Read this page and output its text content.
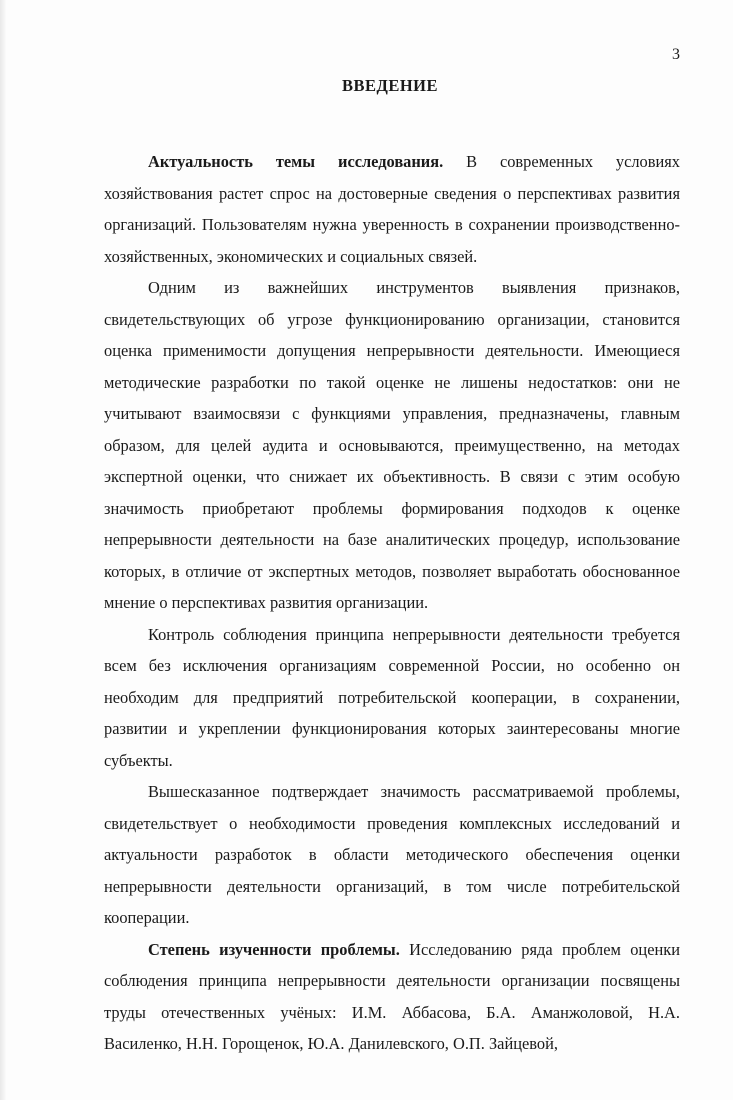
3
ВВЕДЕНИЕ

Актуальность темы исследования. В современных условиях хозяйствования растет спрос на достоверные сведения о перспективах развития организаций. Пользователям нужна уверенность в сохранении производственно-хозяйственных, экономических и социальных связей.

Одним из важнейших инструментов выявления признаков, свидетельствующих об угрозе функционированию организации, становится оценка применимости допущения непрерывности деятельности. Имеющиеся методические разработки по такой оценке не лишены недостатков: они не учитывают взаимосвязи с функциями управления, предназначены, главным образом, для целей аудита и основываются, преимущественно, на методах экспертной оценки, что снижает их объективность. В связи с этим особую значимость приобретают проблемы формирования подходов к оценке непрерывности деятельности на базе аналитических процедур, использование которых, в отличие от экспертных методов, позволяет выработать обоснованное мнение о перспективах развития организации.

Контроль соблюдения принципа непрерывности деятельности требуется всем без исключения организациям современной России, но особенно он необходим для предприятий потребительской кооперации, в сохранении, развитии и укреплении функционирования которых заинтересованы многие субъекты.

Вышесказанное подтверждает значимость рассматриваемой проблемы, свидетельствует о необходимости проведения комплексных исследований и актуальности разработок в области методического обеспечения оценки непрерывности деятельности организаций, в том числе потребительской кооперации.

Степень изученности проблемы. Исследованию ряда проблем оценки соблюдения принципа непрерывности деятельности организации посвящены труды отечественных учёных: И.М. Аббасова, Б.А. Аманжоловой, Н.А. Василенко, Н.Н. Горощенок, Ю.А. Данилевского, О.П. Зайцевой,
